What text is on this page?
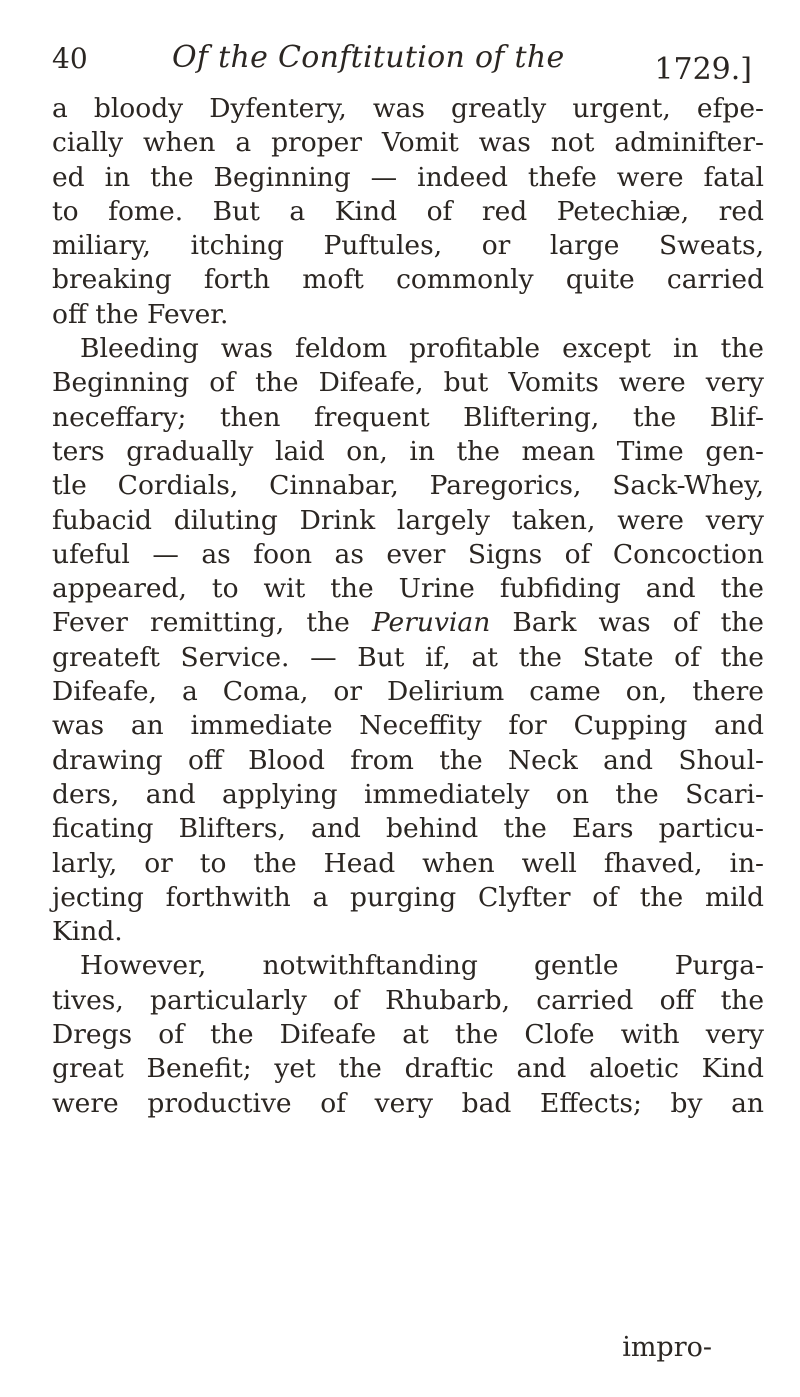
40	Of the Conftitution of the	1729.]
a bloody Dyfentery, was greatly urgent, efpe-
cially when a proper Vomit was not adminifter-
ed in the Beginning — indeed thefe were fatal
to fome. But a Kind of red Petechiæ, red
miliary, itching Puftules, or large Sweats,
breaking forth moft commonly quite carried
off the Fever.
Bleeding was feldom profitable except in the
Beginning of the Difeafe, but Vomits were very
neceffary; then frequent Bliftering, the Blif-
ters gradually laid on, in the mean Time gen-
tle Cordials, Cinnabar, Paregorics, Sack-Whey,
fubacid diluting Drink largely taken, were very
ufeful — as foon as ever Signs of Concoction
appeared, to wit the Urine fubfiding and the
Fever remitting, the Peruvian Bark was of the
greateft Service. — But if, at the State of the
Difeafe, a Coma, or Delirium came on, there
was an immediate Neceffity for Cupping and
drawing off Blood from the Neck and Shoul-
ders, and applying immediately on the Scari-
ficating Blifters, and behind the Ears particu-
larly, or to the Head when well fhaved, in-
jecting forthwith a purging Clyfter of the mild
Kind.
However, notwithftanding gentle Purga-
tives, particularly of Rhubarb, carried off the
Dregs of the Difeafe at the Clofe with very
great Benefit; yet the draftic and aloetic Kind
were productive of very bad Effects; by an
impro-
